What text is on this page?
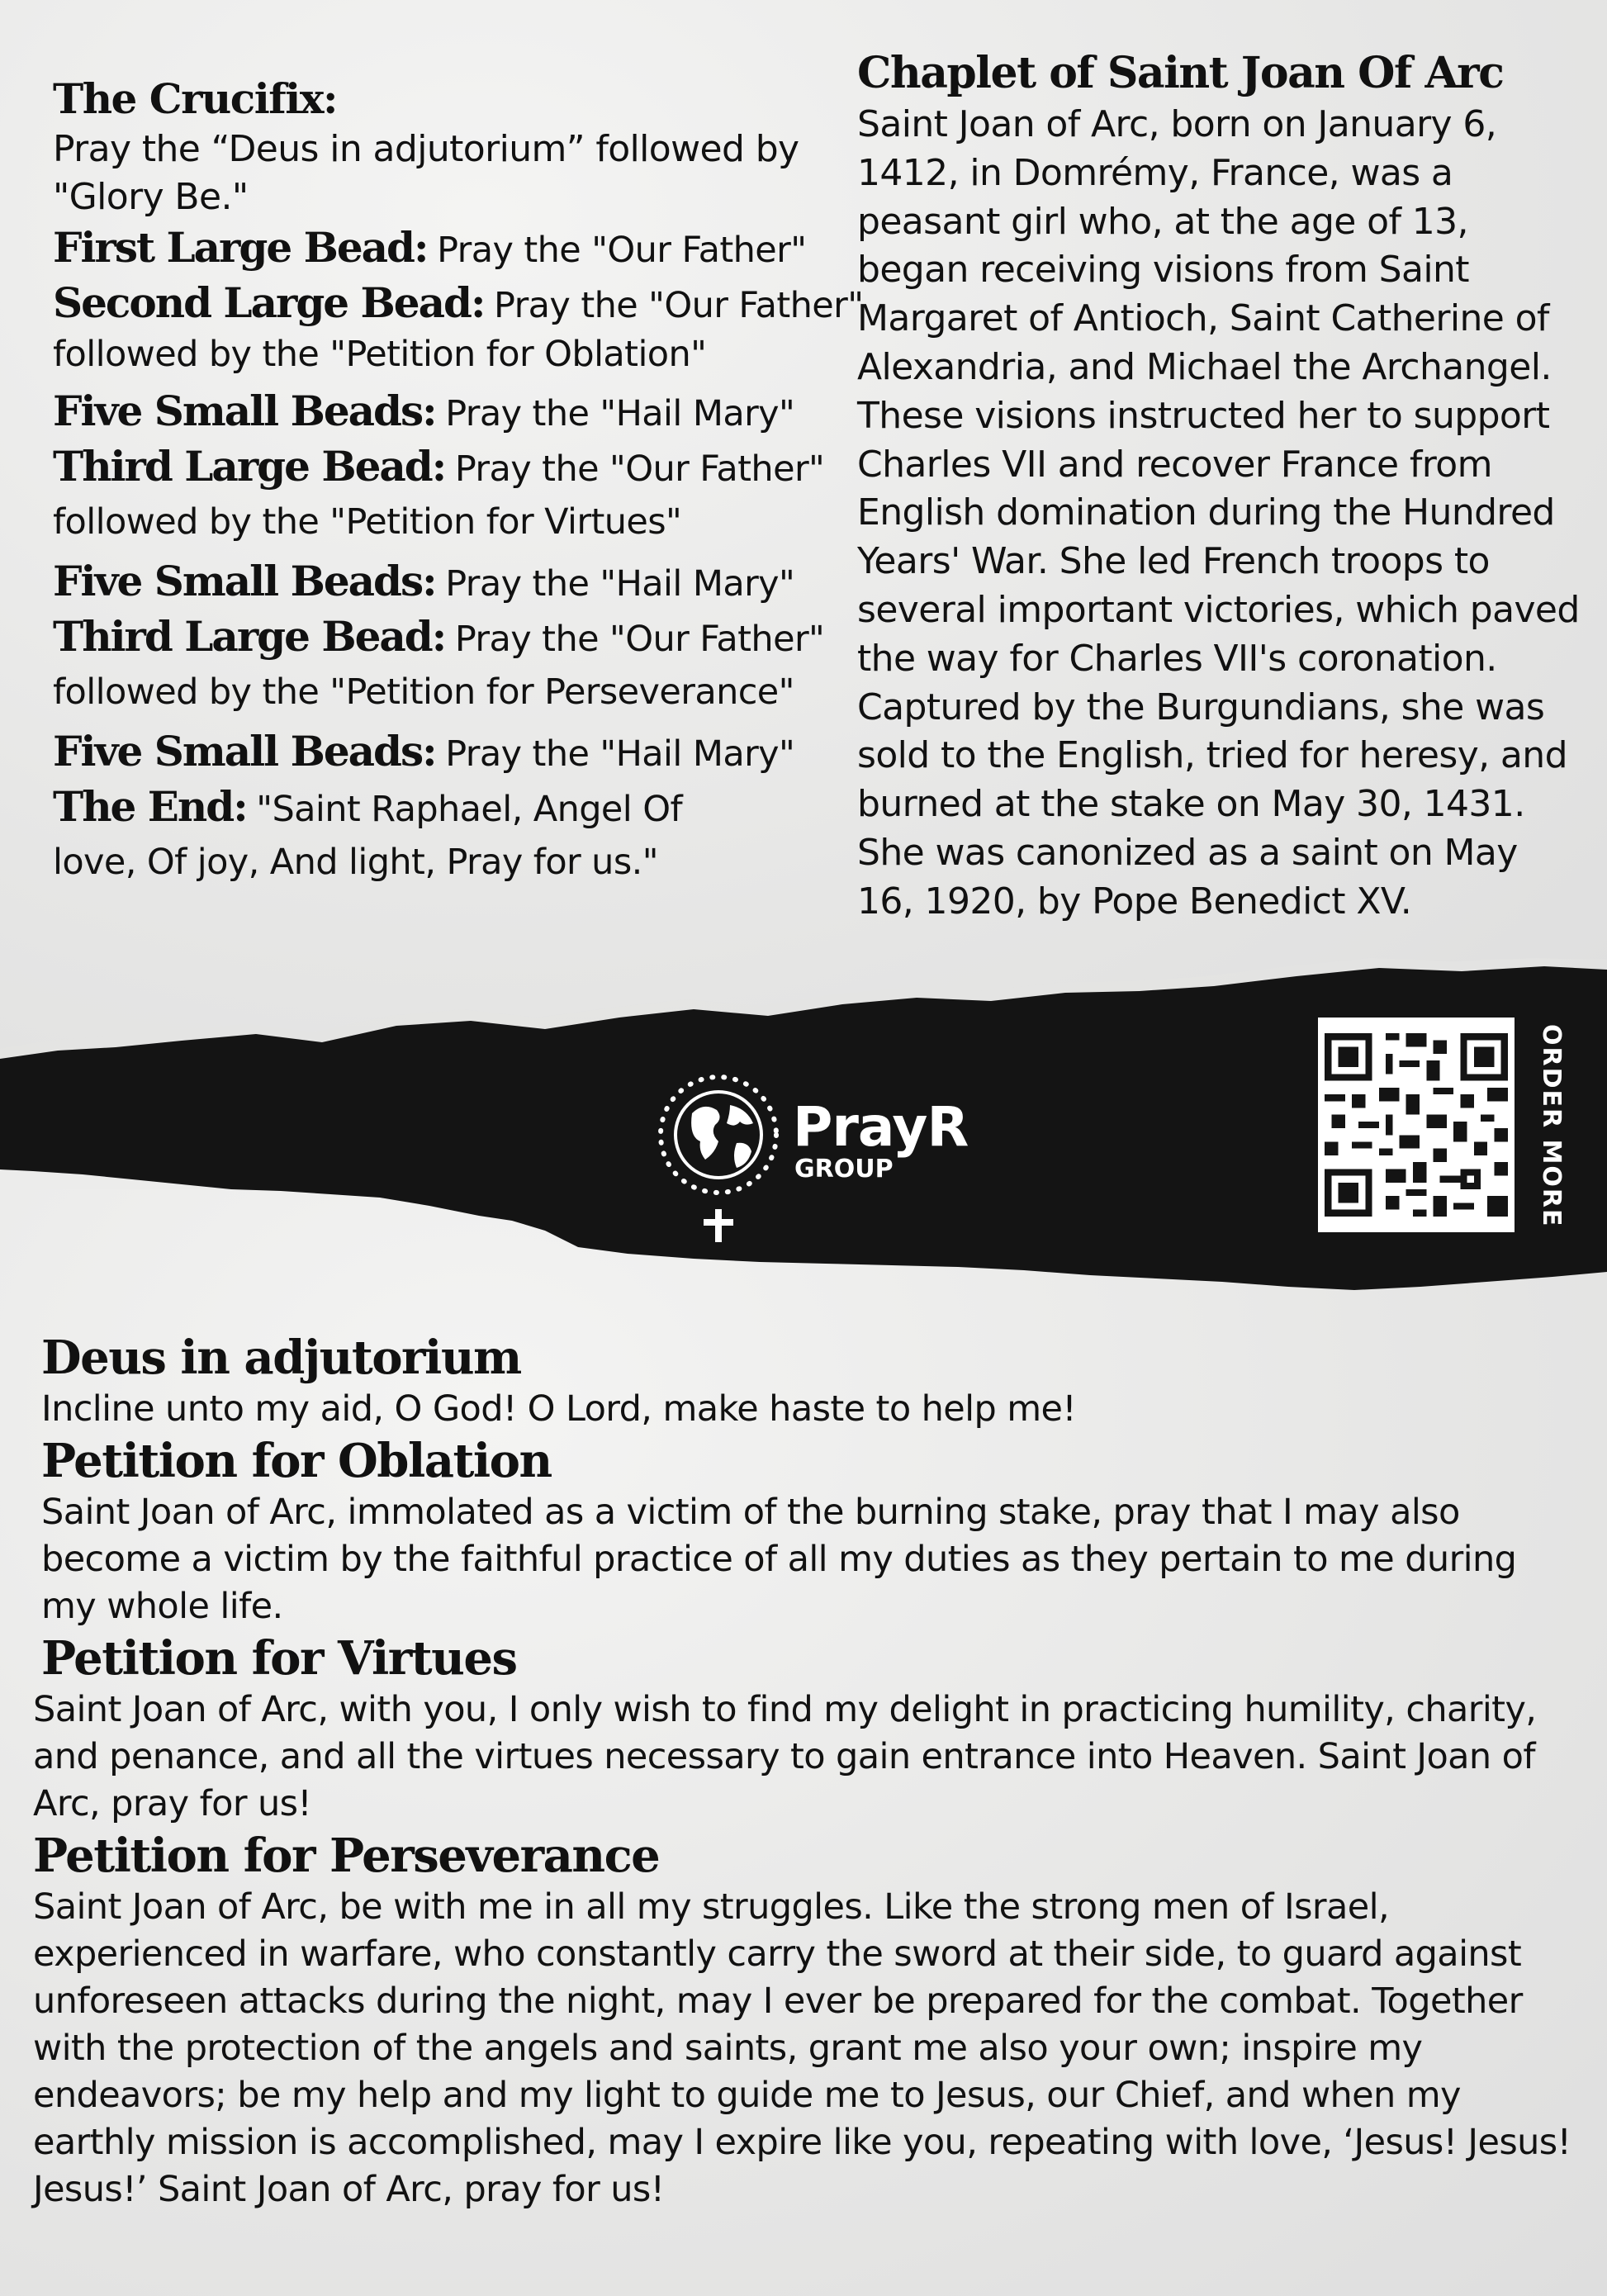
The Crucifix:

Pray the “Deus in adjutorium” followed by "Glory Be."

First Large Bead: Pray the "Our Father"

Second Large Bead: Pray the "Our Father"

followed by the "Petition for Oblation"

Five Small Beads: Pray the "Hail Mary"

Third Large Bead: Pray the "Our Father"

followed by the "Petition for Virtues"

Five Small Beads: Pray the "Hail Mary"

Third Large Bead: Pray the "Our Father"

followed by the "Petition for Perseverance"

Five Small Beads: Pray the "Hail Mary"

The End: "Saint Raphael, Angel Of

love, Of joy, And light, Pray for us."

Chaplet of Saint Joan Of Arc

Saint Joan of Arc, born on January 6, 1412, in Domrémy, France, was a peasant girl who, at the age of 13, began receiving visions from Saint Margaret of Antioch, Saint Catherine of Alexandria, and Michael the Archangel. These visions instructed her to support Charles VII and recover France from English domination during the Hundred Years' War. She led French troops to several important victories, which paved the way for Charles VII's coronation. Captured by the Burgundians, she was sold to the English, tried for heresy, and burned at the stake on May 30, 1431. She was canonized as a saint on May 16, 1920, by Pope Benedict XV.

PrayR
GROUP	ORDER MORE
Deus in adjutorium

Incline unto my aid, O God! O Lord, make haste to help me!

Petition for Oblation

Saint Joan of Arc, immolated as a victim of the burning stake, pray that I may also become a victim by the faithful practice of all my duties as they pertain to me during my whole life.

Petition for Virtues

Saint Joan of Arc, with you, I only wish to find my delight in practicing humility, charity, and penance, and all the virtues necessary to gain entrance into Heaven. Saint Joan of Arc, pray for us!

Petition for Perseverance

Saint Joan of Arc, be with me in all my struggles. Like the strong men of Israel, experienced in warfare, who constantly carry the sword at their side, to guard against unforeseen attacks during the night, may I ever be prepared for the combat. Together with the protection of the angels and saints, grant me also your own; inspire my endeavors; be my help and my light to guide me to Jesus, our Chief, and when my earthly mission is accomplished, may I expire like you, repeating with love, ‘Jesus! Jesus! Jesus!’ Saint Joan of Arc, pray for us!
